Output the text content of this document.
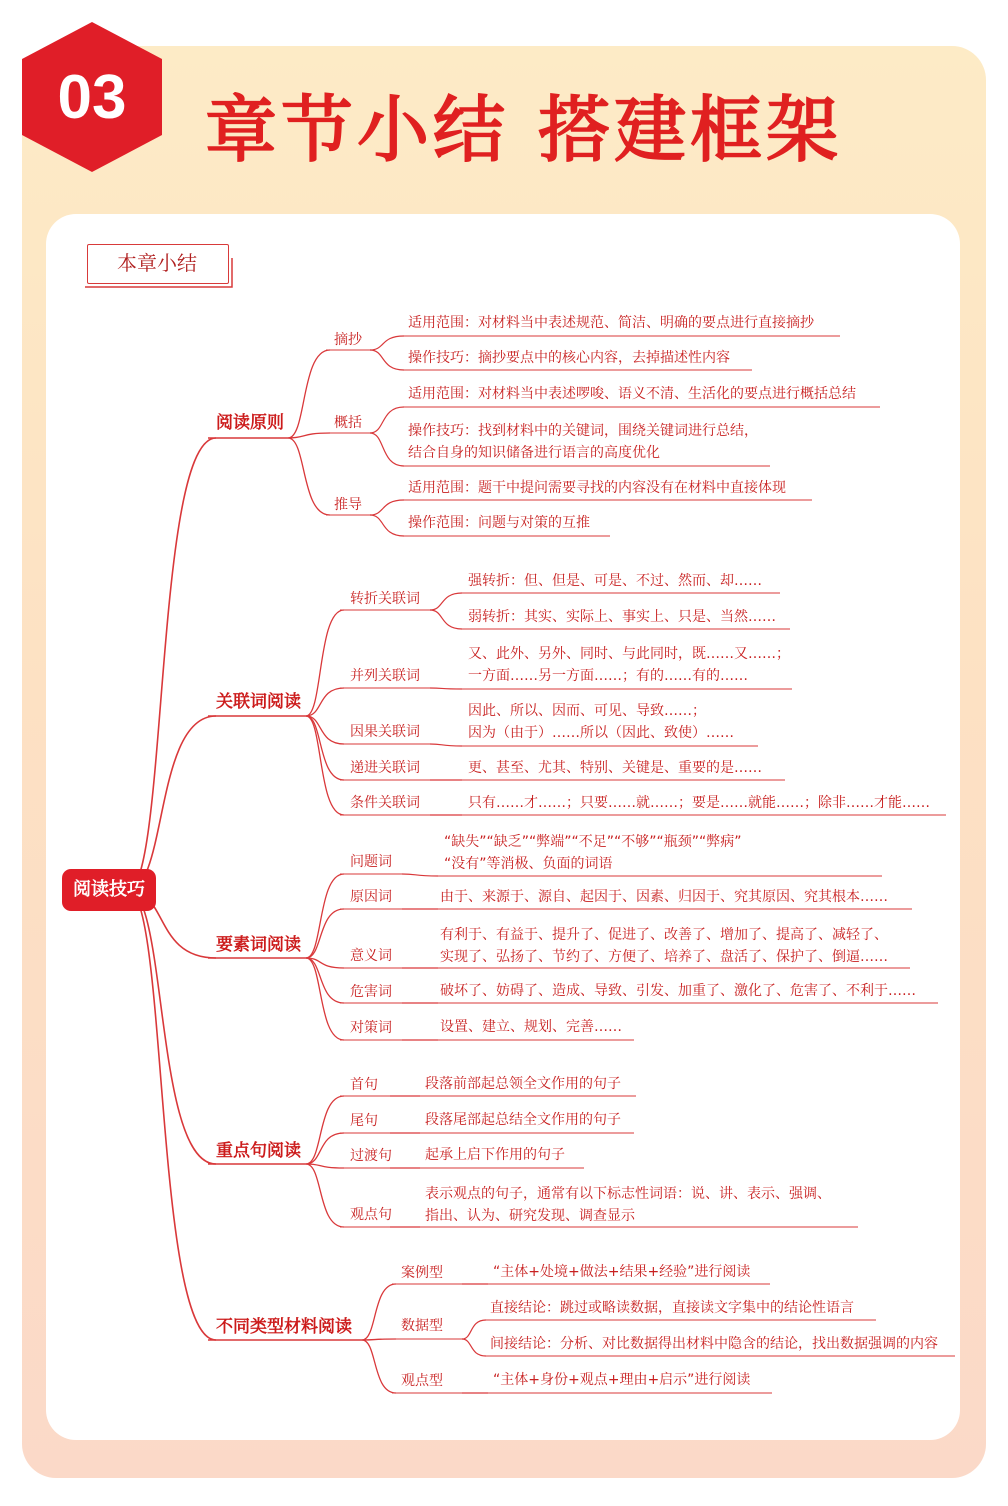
03	章节小结 搭建框架
本章小结
阅读技巧
阅读原则
摘抄
适用范围：对材料当中表述规范、简洁、明确的要点进行直接摘抄
操作技巧：摘抄要点中的核心内容，去掉描述性内容
概括
适用范围：对材料当中表述啰唆、语义不清、生活化的要点进行概括总结
操作技巧：找到材料中的关键词，围绕关键词进行总结，
结合自身的知识储备进行语言的高度优化
推导
适用范围：题干中提问需要寻找的内容没有在材料中直接体现
操作范围：问题与对策的互推
关联词阅读
转折关联词
强转折：但、但是、可是、不过、然而、却……
弱转折：其实、实际上、事实上、只是、当然……
并列关联词
又、此外、另外、同时、与此同时，既……又……；
一方面……另一方面……；有的……有的……
因果关联词
因此、所以、因而、可见、导致……；
因为（由于）……所以（因此、致使）……
递进关联词	更、甚至、尤其、特别、关键是、重要的是……
条件关联词	只有……才……；只要……就……；要是……就能……；除非……才能……
要素词阅读
问题词
“缺失”“缺乏”“弊端”“不足”“不够”“瓶颈”“弊病”
“没有”等消极、负面的词语
原因词	由于、来源于、源自、起因于、因素、归因于、究其原因、究其根本……
意义词
有利于、有益于、提升了、促进了、改善了、增加了、提高了、减轻了、
实现了、弘扬了、节约了、方便了、培养了、盘活了、保护了、倒逼……
危害词	破坏了、妨碍了、造成、导致、引发、加重了、激化了、危害了、不利于……
对策词	设置、建立、规划、完善……
重点句阅读
首句	段落前部起总领全文作用的句子
尾句	段落尾部起总结全文作用的句子
过渡句 起承上启下作用的句子
观点句
表示观点的句子，通常有以下标志性词语：说、讲、表示、强调、
指出、认为、研究发现、调查显示
不同类型材料阅读
案例型	“主体+处境+做法+结果+经验”进行阅读
数据型
直接结论：跳过或略读数据，直接读文字集中的结论性语言
间接结论：分析、对比数据得出材料中隐含的结论，找出数据强调的内容
观点型	“主体+身份+观点+理由+启示”进行阅读
